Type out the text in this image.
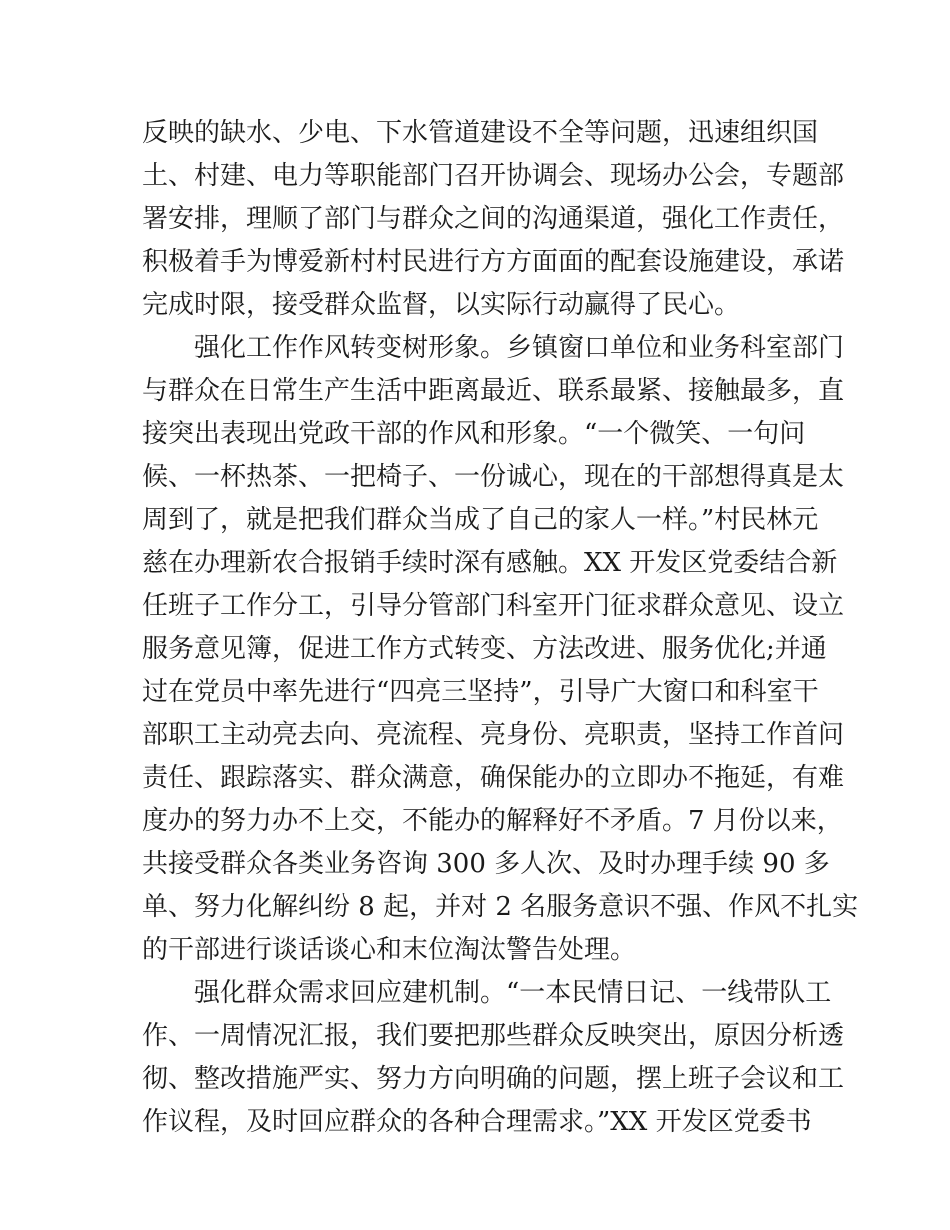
反映的缺水、少电、下水管道建设不全等问题，迅速组织国
土、村建、电力等职能部门召开协调会、现场办公会，专题部
署安排，理顺了部门与群众之间的沟通渠道，强化工作责任，
积极着手为博爱新村村民进行方方面面的配套设施建设，承诺
完成时限，接受群众监督，以实际行动赢得了民心。
强化工作作风转变树形象。乡镇窗口单位和业务科室部门
与群众在日常生产生活中距离最近、联系最紧、接触最多，直
接突出表现出党政干部的作风和形象。“一个微笑、一句问
候、一杯热茶、一把椅子、一份诚心，现在的干部想得真是太
周到了，就是把我们群众当成了自己的家人一样。”村民林元
慈在办理新农合报销手续时深有感触。XX 开发区党委结合新
任班子工作分工，引导分管部门科室开门征求群众意见、设立
服务意见簿，促进工作方式转变、方法改进、服务优化;并通
过在党员中率先进行“四亮三坚持”，引导广大窗口和科室干
部职工主动亮去向、亮流程、亮身份、亮职责，坚持工作首问
责任、跟踪落实、群众满意，确保能办的立即办不拖延，有难
度办的努力办不上交，不能办的解释好不矛盾。7 月份以来，
共接受群众各类业务咨询 300 多人次、及时办理手续 90 多
单、努力化解纠纷 8 起，并对 2 名服务意识不强、作风不扎实
的干部进行谈话谈心和末位淘汰警告处理。
强化群众需求回应建机制。“一本民情日记、一线带队工
作、一周情况汇报，我们要把那些群众反映突出，原因分析透
彻、整改措施严实、努力方向明确的问题，摆上班子会议和工
作议程，及时回应群众的各种合理需求。”XX 开发区党委书
